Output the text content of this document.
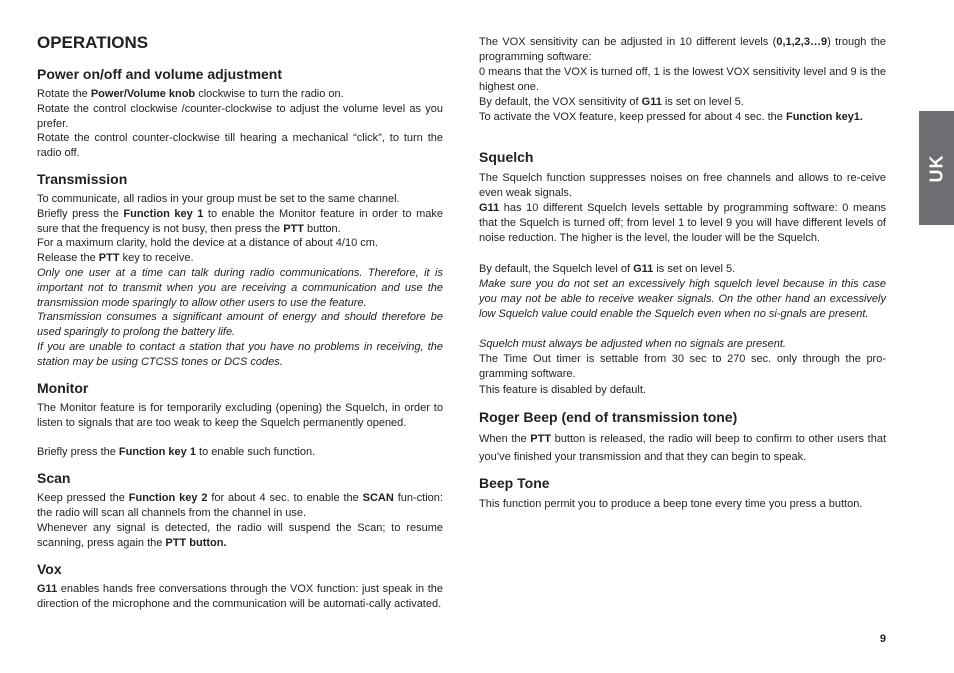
OPERATIONS
Power on/off and volume adjustment

Rotate the Power/Volume knob clockwise to turn the radio on.

Rotate the control clockwise /counter-clockwise to adjust the volume level as you prefer.

Rotate the control counter-clockwise till hearing a mechanical “click”, to turn the radio off.

Transmission

To communicate, all radios in your group must be set to the same channel.

Briefly press the Function key 1 to enable the Monitor feature in order to make sure that the frequency is not busy, then press the PTT button.

For a maximum clarity, hold the device at a distance of about 4/10 cm.

Release the PTT key to receive.

Only one user at a time can talk during radio communications. Therefore, it is important not to transmit when you are receiving a communication and use the transmission mode sparingly to allow other users to use the feature.

Transmission consumes a significant amount of energy and should therefore be used sparingly to prolong the battery life.

If you are unable to contact a station that you have no problems in receiving, the station may be using CTCSS tones or DCS codes.

Monitor

The Monitor feature is for temporarily excluding (opening) the Squelch, in order to listen to signals that are too weak to keep the Squelch permanently opened.

Briefly press the Function key 1 to enable such function.

Scan

Keep pressed the Function key 2 for about 4 sec. to enable the SCAN fun-ction: the radio will scan all channels from the channel in use.

Whenever any signal is detected, the radio will suspend the Scan; to resume scanning, press again the PTT button.

Vox

G11 enables hands free conversations through the VOX function: just speak in the direction of the microphone and the communication will be automati-cally activated.

The VOX sensitivity can be adjusted in 10 different levels (0,1,2,3…9) trough the programming software:

0 means that the VOX is turned off, 1 is the lowest VOX sensitivity level and 9 is the highest one.

By default, the VOX sensitivity of G11 is set on level 5.

To activate the VOX feature, keep pressed for about 4 sec. the Function key1.

Squelch

The Squelch function suppresses noises on free channels and allows to re-ceive even weak signals.

G11 has 10 different Squelch levels settable by programming software: 0 means that the Squelch is turned off; from level 1 to level 9 you will have different levels of noise reduction. The higher is the level, the louder will be the Squelch.

By default, the Squelch level of G11 is set on level 5.

Make sure you do not set an excessively high squelch level because in this case you may not be able to receive weaker signals. On the other hand an excessively low Squelch value could enable the Squelch even when no si-gnals are present.

Squelch must always be adjusted when no signals are present.

The Time Out timer is settable from 30 sec to 270 sec. only through the pro-gramming software.

This feature is disabled by default.

Roger Beep (end of transmission tone)

When the PTT button is released, the radio will beep to confirm to other users that you’ve finished your transmission and that they can begin to speak.

Beep Tone

This function permit you to produce a beep tone every time you press a button.

UK
9
